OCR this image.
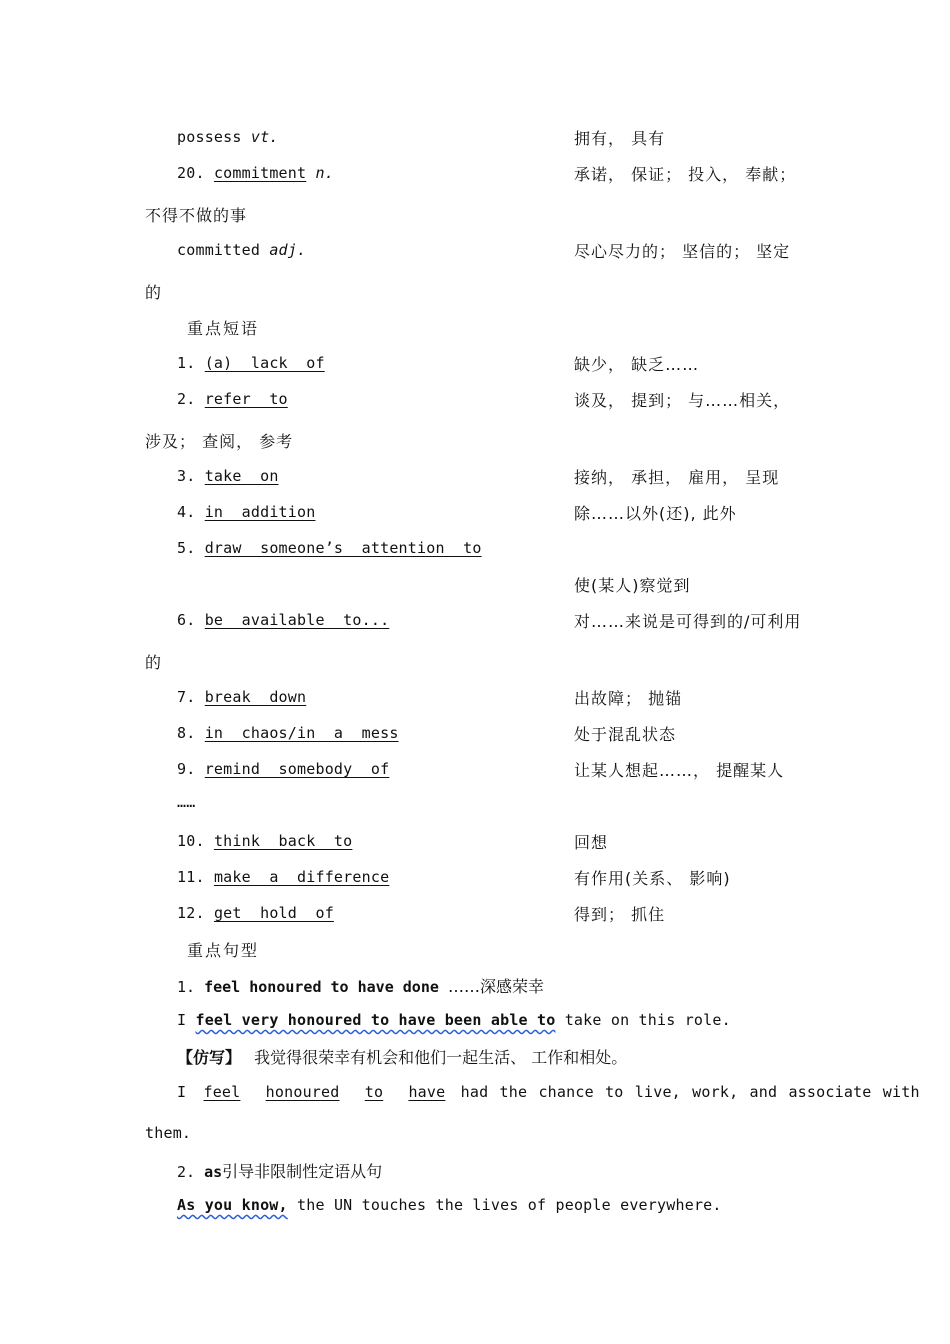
possess vt.	拥有， 具有
20. commitment n.	承诺， 保证； 投入， 奉献；
不得不做的事
committed adj.	尽心尽力的； 坚信的； 坚定
的
重点短语
1. (a)  lack  of	缺少， 缺乏……
2. refer  to	谈及， 提到； 与……相关，
涉及； 查阅， 参考
3. take  on	接纳， 承担， 雇用， 呈现
4. in  addition	除……以外(还), 此外
5. draw  someone’s  attention  to
使(某人)察觉到
6. be  available  to...	对……来说是可得到的/可利用
的
7. break  down	出故障； 抛锚
8. in  chaos/in  a  mess	处于混乱状态
9. remind  somebody  of	让某人想起……， 提醒某人
……
10. think  back  to	回想
11. make  a  difference	有作用(关系、 影响)
12. get  hold  of	得到； 抓住
重点句型
1. feel honoured to have done ……深感荣幸
I feel very honoured to have been able to take on this role.
【仿写】 我觉得很荣幸有机会和他们一起生活、 工作和相处。
I feel honoured to have had the chance to live, work, and associate with
them.
2. as引导非限制性定语从句
As you know, the UN touches the lives of people everywhere.
